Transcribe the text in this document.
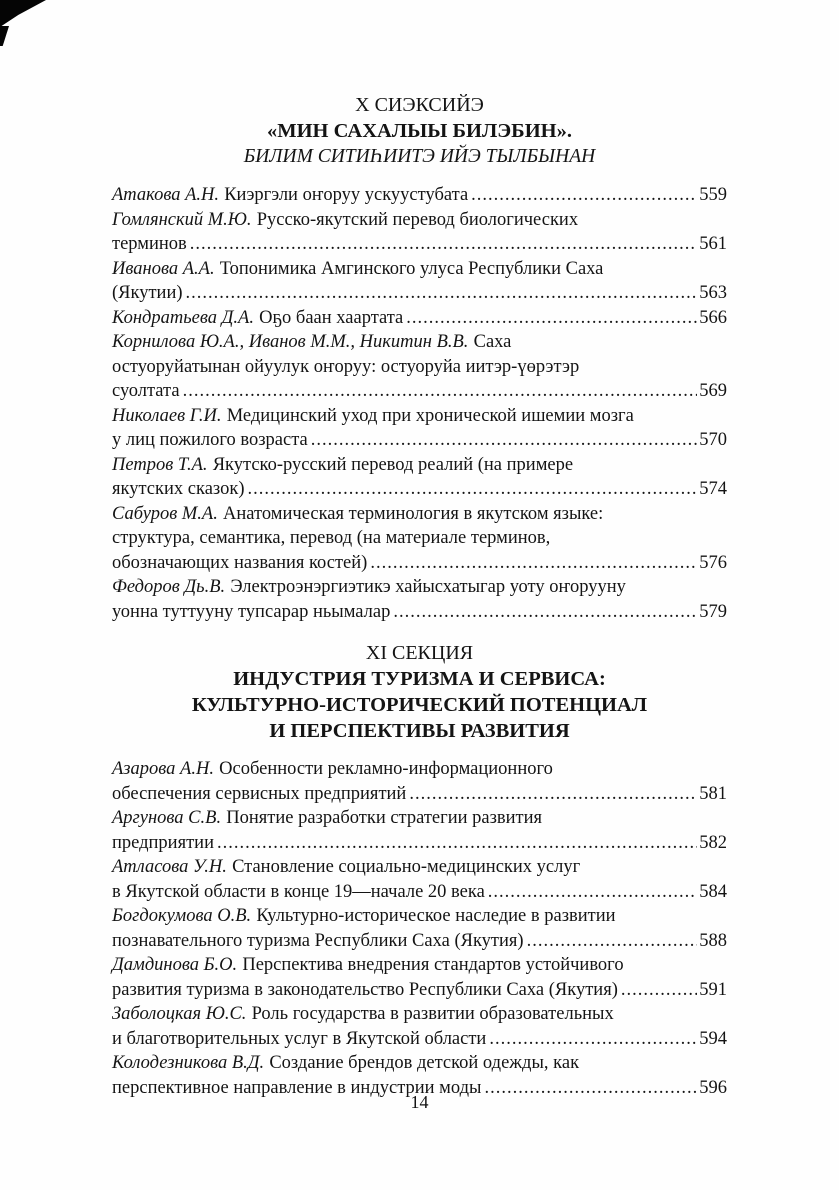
X СИЭКСИЙЭ
«МИН САХАЛЫЫ БИЛЭБИН».
БИЛИМ СИТИҺИИТЭ ИЙЭ ТЫЛБЫНАН
Атакова А.Н. Киэргэли оҥоруу ускуустубата .....	559
Гомлянский М.Ю. Русско-якутский перевод биологических
терминов .....	561
Иванова А.А. Топонимика Амгинского улуса Республики Саха
(Якутии) .....	563
Кондратьева Д.А. Оҕо баан хаартата .....	566
Корнилова Ю.А., Иванов М.М., Никитин В.В. Саха
остуоруйатынан ойуулук оҥоруу: остуоруйа иитэр-үөрэтэр
суолтата .....	569
Николаев Г.И. Медицинский уход при хронической ишемии мозга
у лиц пожилого возраста .....	570
Петров Т.А. Якутско-русский перевод реалий (на примере
якутских сказок) .....	574
Сабуров М.А. Анатомическая терминология в якутском языке:
структура, семантика, перевод (на материале терминов,
обозначающих названия костей) .....	576
Федоров Дь.В. Электроэнэргиэтикэ хайысхатыгар уоту оҥорууну
уонна туттууну тупсарар ньымалар .....	579
XI СЕКЦИЯ
ИНДУСТРИЯ ТУРИЗМА И СЕРВИСА:
КУЛЬТУРНО-ИСТОРИЧЕСКИЙ ПОТЕНЦИАЛ
И ПЕРСПЕКТИВЫ РАЗВИТИЯ
Азарова А.Н. Особенности рекламно-информационного
обеспечения сервисных предприятий .....	581
Аргунова С.В. Понятие разработки стратегии развития
предприятии .....	582
Атласова У.Н. Становление социально-медицинских услуг
в Якутской области в конце 19—начале 20 века .....	584
Богдокумова О.В. Культурно-историческое наследие в развитии
познавательного туризма Республики Саха (Якутия) .....	588
Дамдинова Б.О. Перспектива внедрения стандартов устойчивого
развития туризма в законодательство Республики Саха (Якутия) .....	591
Заболоцкая Ю.С. Роль государства в развитии образовательных
и благотворительных услуг в Якутской области .....	594
Колодезникова В.Д. Создание брендов детской одежды, как
перспективное направление в индустрии моды .....	596
14
